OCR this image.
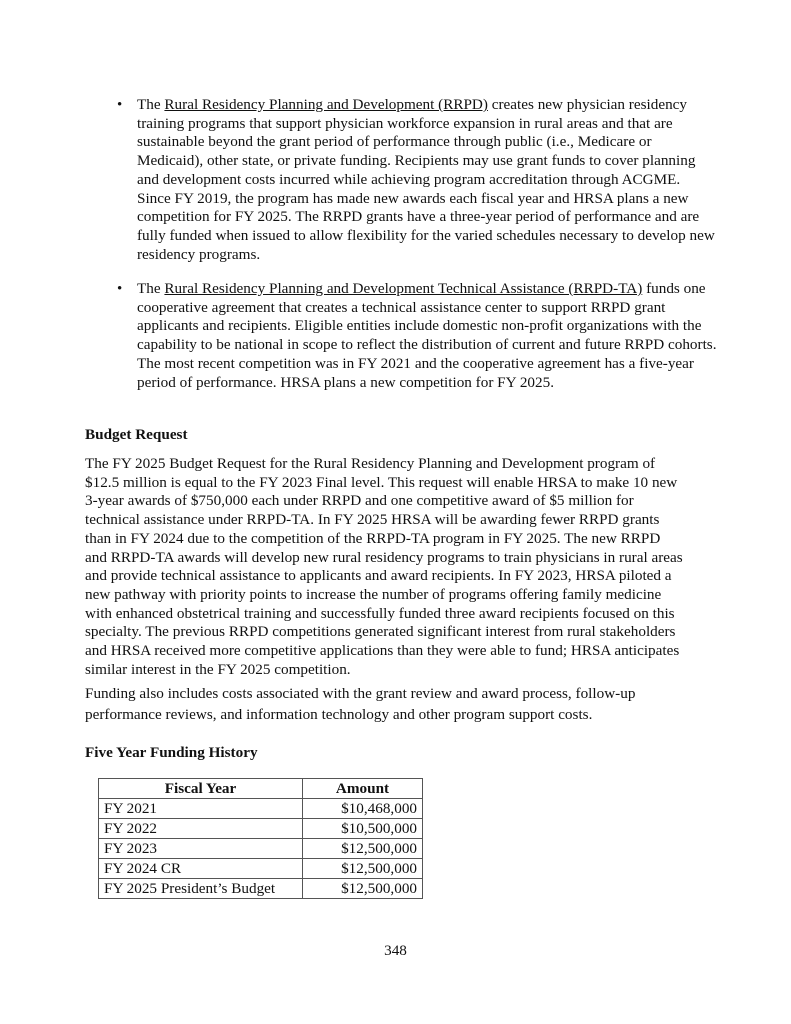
• The Rural Residency Planning and Development (RRPD) creates new physician residency training programs that support physician workforce expansion in rural areas and that are sustainable beyond the grant period of performance through public (i.e., Medicare or Medicaid), other state, or private funding. Recipients may use grant funds to cover planning and development costs incurred while achieving program accreditation through ACGME. Since FY 2019, the program has made new awards each fiscal year and HRSA plans a new competition for FY 2025. The RRPD grants have a three-year period of performance and are fully funded when issued to allow flexibility for the varied schedules necessary to develop new residency programs.
• The Rural Residency Planning and Development Technical Assistance (RRPD-TA) funds one cooperative agreement that creates a technical assistance center to support RRPD grant applicants and recipients. Eligible entities include domestic non-profit organizations with the capability to be national in scope to reflect the distribution of current and future RRPD cohorts. The most recent competition was in FY 2021 and the cooperative agreement has a five-year period of performance. HRSA plans a new competition for FY 2025.
Budget Request
The FY 2025 Budget Request for the Rural Residency Planning and Development program of $12.5 million is equal to the FY 2023 Final level. This request will enable HRSA to make 10 new 3-year awards of $750,000 each under RRPD and one competitive award of $5 million for technical assistance under RRPD-TA. In FY 2025 HRSA will be awarding fewer RRPD grants than in FY 2024 due to the competition of the RRPD-TA program in FY 2025. The new RRPD and RRPD-TA awards will develop new rural residency programs to train physicians in rural areas and provide technical assistance to applicants and award recipients. In FY 2023, HRSA piloted a new pathway with priority points to increase the number of programs offering family medicine with enhanced obstetrical training and successfully funded three award recipients focused on this specialty. The previous RRPD competitions generated significant interest from rural stakeholders and HRSA received more competitive applications than they were able to fund; HRSA anticipates similar interest in the FY 2025 competition.
Funding also includes costs associated with the grant review and award process, follow-up performance reviews, and information technology and other program support costs.
Five Year Funding History
Fiscal Year	Amount
FY 2021	$10,468,000
FY 2022	$10,500,000
FY 2023	$12,500,000
FY 2024 CR	$12,500,000
FY 2025 President’s Budget	$12,500,000
348
